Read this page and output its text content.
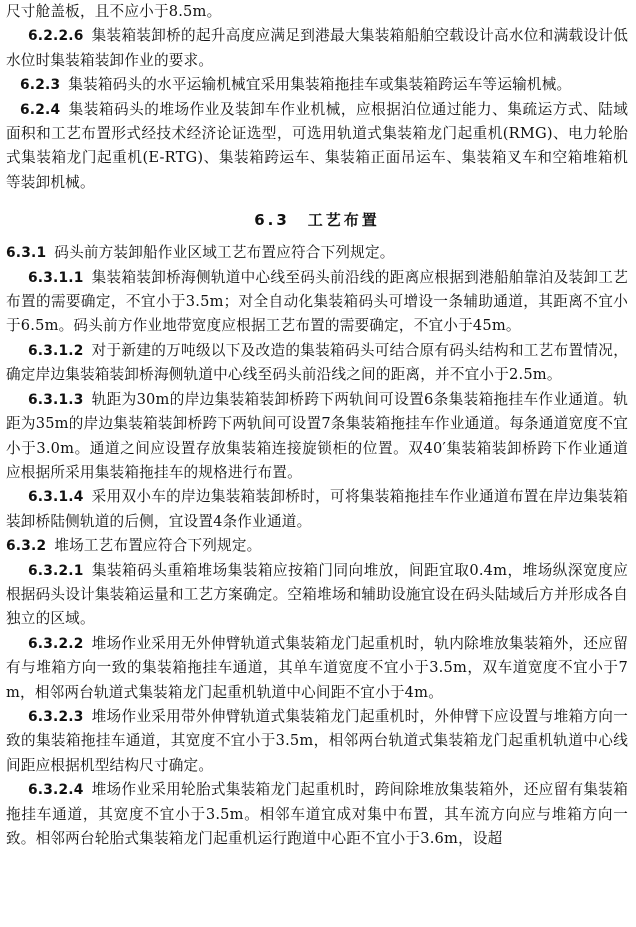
尺寸舱盖板，且不应小于8.5m。

6.2.2.6 集装箱装卸桥的起升高度应满足到港最大集装箱船舶空载设计高水位和满载设计低水位时集装箱装卸作业的要求。

6.2.3 集装箱码头的水平运输机械宜采用集装箱拖挂车或集装箱跨运车等运输机械。

6.2.4 集装箱码头的堆场作业及装卸车作业机械，应根据泊位通过能力、集疏运方式、陆域面积和工艺布置形式经技术经济论证选型，可选用轨道式集装箱龙门起重机(RMG)、电力轮胎式集装箱龙门起重机(E-RTG)、集装箱跨运车、集装箱正面吊运车、集装箱叉车和空箱堆箱机等装卸机械。

6.3 工艺布置

6.3.1 码头前方装卸船作业区域工艺布置应符合下列规定。

6.3.1.1 集装箱装卸桥海侧轨道中心线至码头前沿线的距离应根据到港船舶靠泊及装卸工艺布置的需要确定，不宜小于3.5m；对全自动化集装箱码头可增设一条辅助通道，其距离不宜小于6.5m。码头前方作业地带宽度应根据工艺布置的需要确定，不宜小于45m。

6.3.1.2 对于新建的万吨级以下及改造的集装箱码头可结合原有码头结构和工艺布置情况，确定岸边集装箱装卸桥海侧轨道中心线至码头前沿线之间的距离，并不宜小于2.5m。

6.3.1.3 轨距为30m的岸边集装箱装卸桥跨下两轨间可设置6条集装箱拖挂车作业通道。轨距为35m的岸边集装箱装卸桥跨下两轨间可设置7条集装箱拖挂车作业通道。每条通道宽度不宜小于3.0m。通道之间应设置存放集装箱连接旋锁柜的位置。双40′集装箱装卸桥跨下作业通道应根据所采用集装箱拖挂车的规格进行布置。

6.3.1.4 采用双小车的岸边集装箱装卸桥时，可将集装箱拖挂车作业通道布置在岸边集装箱装卸桥陆侧轨道的后侧，宜设置4条作业通道。

6.3.2 堆场工艺布置应符合下列规定。

6.3.2.1 集装箱码头重箱堆场集装箱应按箱门同向堆放，间距宜取0.4m，堆场纵深宽度应根据码头设计集装箱运量和工艺方案确定。空箱堆场和辅助设施宜设在码头陆域后方并形成各自独立的区域。

6.3.2.2 堆场作业采用无外伸臂轨道式集装箱龙门起重机时，轨内除堆放集装箱外，还应留有与堆箱方向一致的集装箱拖挂车通道，其单车道宽度不宜小于3.5m，双车道宽度不宜小于7m，相邻两台轨道式集装箱龙门起重机轨道中心间距不宜小于4m。

6.3.2.3 堆场作业采用带外伸臂轨道式集装箱龙门起重机时，外伸臂下应设置与堆箱方向一致的集装箱拖挂车通道，其宽度不宜小于3.5m，相邻两台轨道式集装箱龙门起重机轨道中心线间距应根据机型结构尺寸确定。

6.3.2.4 堆场作业采用轮胎式集装箱龙门起重机时，跨间除堆放集装箱外，还应留有集装箱拖挂车通道，其宽度不宜小于3.5m。相邻车道宜成对集中布置，其车流方向应与堆箱方向一致。相邻两台轮胎式集装箱龙门起重机运行跑道中心距不宜小于3.6m，设超
